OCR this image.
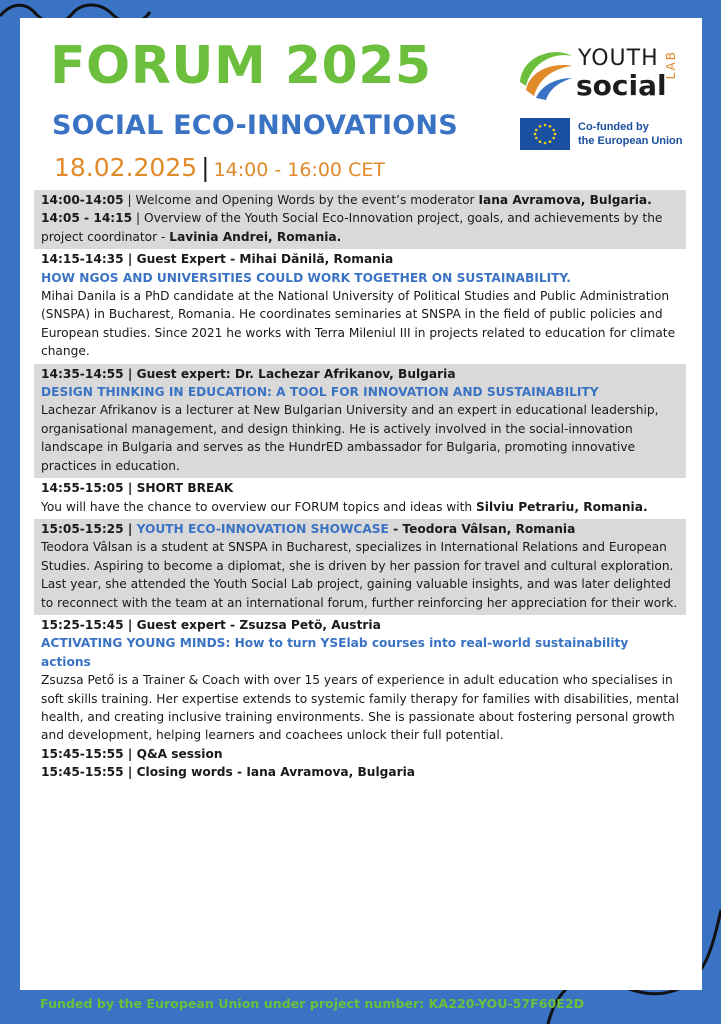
FORUM 2025
SOCIAL ECO-INNOVATIONS
18.02.2025 | 14:00 - 16:00 CET
YOUTH
social
LAB
Co-funded by
the European Union

14:00-14:05 | Welcome and Opening Words by the event’s moderator Iana Avramova, Bulgaria.

14:05 - 14:15 | Overview of the Youth Social Eco-Innovation project, goals, and achievements by the project coordinator - Lavinia Andrei, Romania.

14:15-14:35 | Guest Expert - Mihai Dănilă, Romania

HOW NGOS AND UNIVERSITIES COULD WORK TOGETHER ON SUSTAINABILITY.

Mihai Danila is a PhD candidate at the National University of Political Studies and Public Administration (SNSPA) in Bucharest, Romania. He coordinates seminaries at SNSPA in the field of public policies and European studies. Since 2021 he works with Terra Mileniul III in projects related to education for climate change.

14:35-14:55 | Guest expert: Dr. Lachezar Afrikanov, Bulgaria

DESIGN THINKING IN EDUCATION: A TOOL FOR INNOVATION AND SUSTAINABILITY

Lachezar Afrikanov is a lecturer at New Bulgarian University and an expert in educational leadership, organisational management, and design thinking. He is actively involved in the social-innovation landscape in Bulgaria and serves as the HundrED ambassador for Bulgaria, promoting innovative practices in education.

14:55-15:05 | SHORT BREAK

You will have the chance to overview our FORUM topics and ideas with Silviu Petrariu, Romania.

15:05-15:25 | YOUTH ECO-INNOVATION SHOWCASE - Teodora Vâlsan, Romania

Teodora Vâlsan is a student at SNSPA in Bucharest, specializes in International Relations and European Studies. Aspiring to become a diplomat, she is driven by her passion for travel and cultural exploration. Last year, she attended the Youth Social Lab project, gaining valuable insights, and was later delighted to reconnect with the team at an international forum, further reinforcing her appreciation for their work.

15:25-15:45 | Guest expert - Zsuzsa Petö, Austria

ACTIVATING YOUNG MINDS: How to turn YSElab courses into real-world sustainability actions

Zsuzsa Pető is a Trainer & Coach with over 15 years of experience in adult education who specialises in soft skills training. Her expertise extends to systemic family therapy for families with disabilities, mental health, and creating inclusive training environments. She is passionate about fostering personal growth and development, helping learners and coachees unlock their full potential.

15:45-15:55 | Q&A session

15:45-15:55 | Closing words - Iana Avramova, Bulgaria

Funded by the European Union under project number: KA220-YOU-57F60E2D
